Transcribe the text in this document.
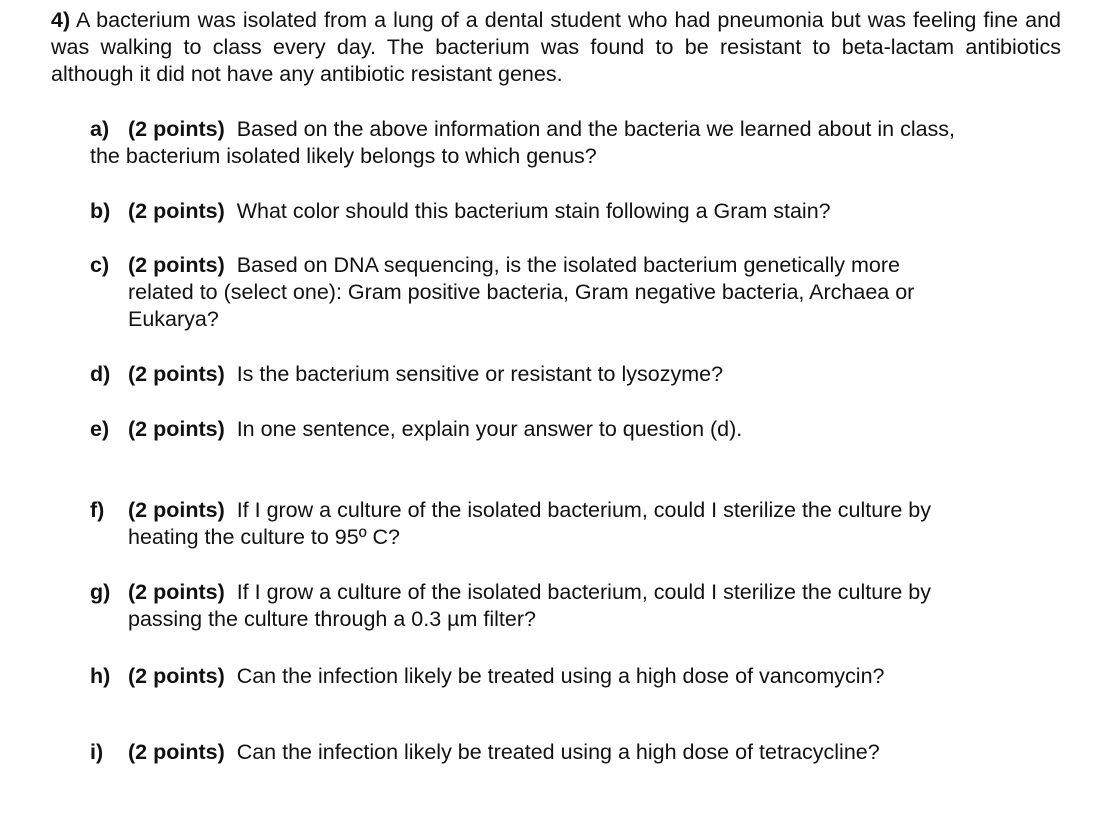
4) A bacterium was isolated from a lung of a dental student who had pneumonia but was feeling fine and was walking to class every day. The bacterium was found to be resistant to beta-lactam antibiotics although it did not have any antibiotic resistant genes.
a) (2 points) Based on the above information and the bacteria we learned about in class,
the bacterium isolated likely belongs to which genus?
b) (2 points) What color should this bacterium stain following a Gram stain?
c) (2 points) Based on DNA sequencing, is the isolated bacterium genetically more
related to (select one): Gram positive bacteria, Gram negative bacteria, Archaea or
Eukarya?
d) (2 points) Is the bacterium sensitive or resistant to lysozyme?
e) (2 points) In one sentence, explain your answer to question (d).
f)	(2 points) If I grow a culture of the isolated bacterium, could I sterilize the culture by
heating the culture to 95º C?
g) (2 points) If I grow a culture of the isolated bacterium, could I sterilize the culture by
passing the culture through a 0.3 µm filter?
h) (2 points) Can the infection likely be treated using a high dose of vancomycin?
i)	(2 points) Can the infection likely be treated using a high dose of tetracycline?
